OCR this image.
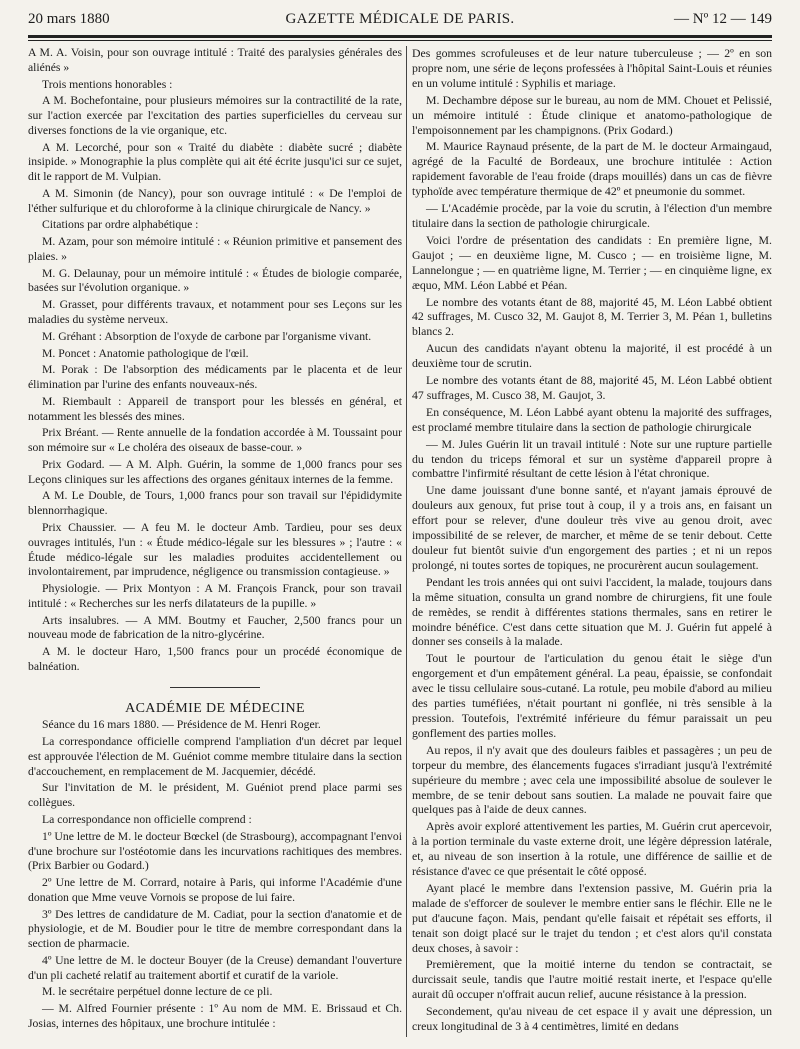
20 mars 1880	GAZETTE MÉDICALE DE PARIS.	— Nº 12 — 149

A M. A. Voisin, pour son ouvrage intitulé : Traité des paralysies générales des aliénés »

Trois mentions honorables :

A M. Bochefontaine, pour plusieurs mémoires sur la contractilité de la rate, sur l'action exercée par l'excitation des parties superficielles du cerveau sur diverses fonctions de la vie organique, etc.

A M. Lecorché, pour son « Traité du diabète : diabète sucré ; diabète insipide. » Monographie la plus complète qui ait été écrite jusqu'ici sur ce sujet, dit le rapport de M. Vulpian.

A M. Simonin (de Nancy), pour son ouvrage intitulé : « De l'emploi de l'éther sulfurique et du chloroforme à la clinique chirurgicale de Nancy. »

Citations par ordre alphabétique :

M. Azam, pour son mémoire intitulé : « Réunion primitive et pansement des plaies. »

M. G. Delaunay, pour un mémoire intitulé : « Études de biologie comparée, basées sur l'évolution organique. »

M. Grasset, pour différents travaux, et notamment pour ses Leçons sur les maladies du système nerveux.

M. Gréhant : Absorption de l'oxyde de carbone par l'organisme vivant.

M. Poncet : Anatomie pathologique de l'œil.

M. Porak : De l'absorption des médicaments par le placenta et de leur élimination par l'urine des enfants nouveaux-nés.

M. Riembault : Appareil de transport pour les blessés en général, et notamment les blessés des mines.

Prix Bréant. — Rente annuelle de la fondation accordée à M. Toussaint pour son mémoire sur « Le choléra des oiseaux de basse-cour. »

Prix Godard. — A M. Alph. Guérin, la somme de 1,000 francs pour ses Leçons cliniques sur les affections des organes génitaux internes de la femme.

A M. Le Double, de Tours, 1,000 francs pour son travail sur l'épididymite blennorrhagique.

Prix Chaussier. — A feu M. le docteur Amb. Tardieu, pour ses deux ouvrages intitulés, l'un : « Étude médico-légale sur les blessures » ; l'autre : « Étude médico-légale sur les maladies produites accidentellement ou involontairement, par imprudence, négligence ou transmission contagieuse. »

Physiologie. — Prix Montyon : A M. François Franck, pour son travail intitulé : « Recherches sur les nerfs dilatateurs de la pupille. »

Arts insalubres. — A MM. Boutmy et Faucher, 2,500 francs pour un nouveau mode de fabrication de la nitro-glycérine.

A M. le docteur Haro, 1,500 francs pour un procédé économique de balnéation.

ACADÉMIE DE MÉDECINE

Séance du 16 mars 1880. — Présidence de M. Henri Roger.

La correspondance officielle comprend l'ampliation d'un décret par lequel est approuvée l'élection de M. Guéniot comme membre titulaire dans la section d'accouchement, en remplacement de M. Jacquemier, décédé.

Sur l'invitation de M. le président, M. Guéniot prend place parmi ses collègues.

La correspondance non officielle comprend :

1º Une lettre de M. le docteur Bœckel (de Strasbourg), accompagnant l'envoi d'une brochure sur l'ostéotomie dans les incurvations rachitiques des membres. (Prix Barbier ou Godard.)

2º Une lettre de M. Corrard, notaire à Paris, qui informe l'Académie d'une donation que Mme veuve Vornois se propose de lui faire.

3º Des lettres de candidature de M. Cadiat, pour la section d'anatomie et de physiologie, et de M. Boudier pour le titre de membre correspondant dans la section de pharmacie.

4º Une lettre de M. le docteur Bouyer (de la Creuse) demandant l'ouverture d'un pli cacheté relatif au traitement abortif et curatif de la variole.

M. le secrétaire perpétuel donne lecture de ce pli.

— M. Alfred Fournier présente : 1º Au nom de MM. E. Brissaud et Ch. Josias, internes des hôpitaux, une brochure intitulée :

Des gommes scrofuleuses et de leur nature tuberculeuse ; — 2º en son propre nom, une série de leçons professées à l'hôpital Saint-Louis et réunies en un volume intitulé : Syphilis et mariage.

M. Dechambre dépose sur le bureau, au nom de MM. Chouet et Pelissié, un mémoire intitulé : Étude clinique et anatomo-pathologique de l'empoisonnement par les champignons. (Prix Godard.)

M. Maurice Raynaud présente, de la part de M. le docteur Armaingaud, agrégé de la Faculté de Bordeaux, une brochure intitulée : Action rapidement favorable de l'eau froide (draps mouillés) dans un cas de fièvre typhoïde avec température thermique de 42º et pneumonie du sommet.

— L'Académie procède, par la voie du scrutin, à l'élection d'un membre titulaire dans la section de pathologie chirurgicale.

Voici l'ordre de présentation des candidats : En première ligne, M. Gaujot ; — en deuxième ligne, M. Cusco ; — en troisième ligne, M. Lannelongue ; — en quatrième ligne, M. Terrier ; — en cinquième ligne, ex æquo, MM. Léon Labbé et Péan.

Le nombre des votants étant de 88, majorité 45, M. Léon Labbé obtient 42 suffrages, M. Cusco 32, M. Gaujot 8, M. Terrier 3, M. Péan 1, bulletins blancs 2.

Aucun des candidats n'ayant obtenu la majorité, il est procédé à un deuxième tour de scrutin.

Le nombre des votants étant de 88, majorité 45, M. Léon Labbé obtient 47 suffrages, M. Cusco 38, M. Gaujot, 3.

En conséquence, M. Léon Labbé ayant obtenu la majorité des suffrages, est proclamé membre titulaire dans la section de pathologie chirurgicale

— M. Jules Guérin lit un travail intitulé : Note sur une rupture partielle du tendon du triceps fémoral et sur un système d'appareil propre à combattre l'infirmité résultant de cette lésion à l'état chronique.

Une dame jouissant d'une bonne santé, et n'ayant jamais éprouvé de douleurs aux genoux, fut prise tout à coup, il y a trois ans, en faisant un effort pour se relever, d'une douleur très vive au genou droit, avec impossibilité de se relever, de marcher, et même de se tenir debout. Cette douleur fut bientôt suivie d'un engorgement des parties ; et ni un repos prolongé, ni toutes sortes de topiques, ne procurèrent aucun soulagement.

Pendant les trois années qui ont suivi l'accident, la malade, toujours dans la même situation, consulta un grand nombre de chirurgiens, fit une foule de remèdes, se rendit à différentes stations thermales, sans en retirer le moindre bénéfice. C'est dans cette situation que M. J. Guérin fut appelé à donner ses conseils à la malade.

Tout le pourtour de l'articulation du genou était le siège d'un engorgement et d'un empâtement général. La peau, épaissie, se confondait avec le tissu cellulaire sous-cutané. La rotule, peu mobile d'abord au milieu des parties tuméfiées, n'était pourtant ni gonflée, ni très sensible à la pression. Toutefois, l'extrémité inférieure du fémur paraissait un peu gonflement des parties molles.

Au repos, il n'y avait que des douleurs faibles et passagères ; un peu de torpeur du membre, des élancements fugaces s'irradiant jusqu'à l'extrémité supérieure du membre ; avec cela une impossibilité absolue de soulever le membre, de se tenir debout sans soutien. La malade ne pouvait faire que quelques pas à l'aide de deux cannes.

Après avoir exploré attentivement les parties, M. Guérin crut apercevoir, à la portion terminale du vaste externe droit, une légère dépression latérale, et, au niveau de son insertion à la rotule, une différence de saillie et de résistance d'avec ce que présentait le côté opposé.

Ayant placé le membre dans l'extension passive, M. Guérin pria la malade de s'efforcer de soulever le membre entier sans le fléchir. Elle ne le put d'aucune façon. Mais, pendant qu'elle faisait et répétait ses efforts, il tenait son doigt placé sur le trajet du tendon ; et c'est alors qu'il constata deux choses, à savoir :

Premièrement, que la moitié interne du tendon se contractait, se durcissait seule, tandis que l'autre moitié restait inerte, et l'espace qu'elle aurait dû occuper n'offrait aucun relief, aucune résistance à la pression.

Secondement, qu'au niveau de cet espace il y avait une dépression, un creux longitudinal de 3 à 4 centimètres, limité en dedans
